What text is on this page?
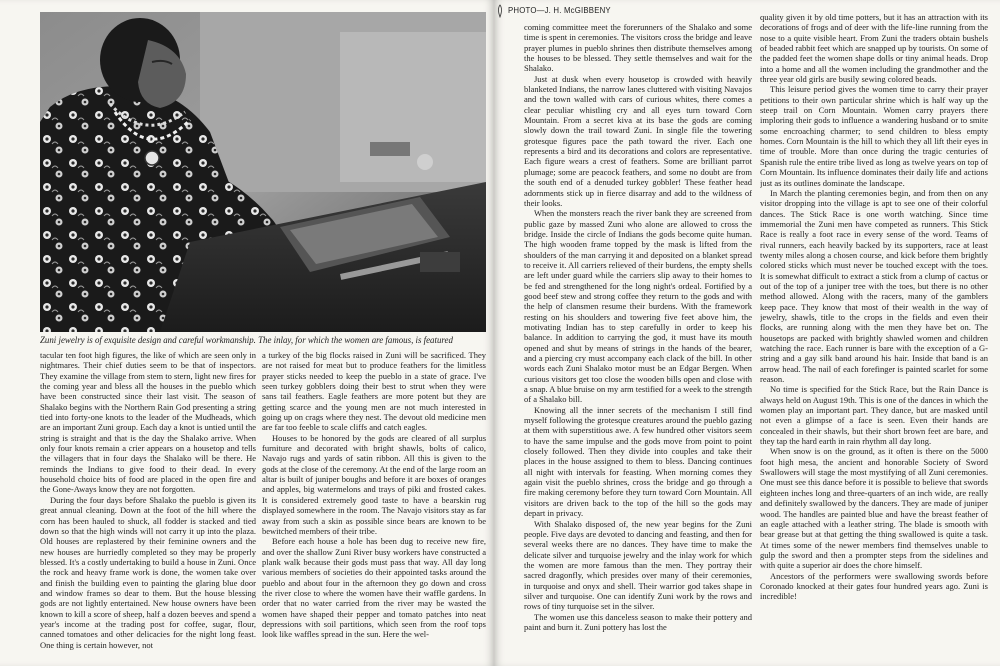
Zuni jewelry is of exquisite design and careful workmanship. The inlay, for which the women are famous, is featured

tacular ten foot high figures, the like of which are seen only in nightmares. Their chief duties seem to be that of inspectors. They examine the village from stem to stern, light new fires for the coming year and bless all the houses in the pueblo which have been constructed since their last visit. The season of Shalako begins with the Northern Rain God presenting a string tied into forty-one knots to the leader of the Mudheads, which are an important Zuni group. Each day a knot is untied until the string is straight and that is the day the Shalako arrive. When only four knots remain a crier appears on a housetop and tells the villagers that in four days the Shalako will be there. He reminds the Indians to give food to their dead. In every household choice bits of food are placed in the open fire and the Gone-Aways know they are not forgotten.

During the four days before Shalako the pueblo is given its great annual cleaning. Down at the foot of the hill where the corn has been hauled to shuck, all fodder is stacked and tied down so that the high winds will not carry it up into the plaza. Old houses are replastered by their feminine owners and the new houses are hurriedly completed so they may be properly blessed. It's a costly undertaking to build a house in Zuni. Once the rock and heavy frame work is done, the women take over and finish the building even to painting the glaring blue door and window frames so dear to them. But the house blessing gods are not lightly entertained. New house owners have been known to kill a score of sheep, half a dozen beeves and spend a year's income at the trading post for coffee, sugar, flour, canned tomatoes and other delicacies for the night long feast. One thing is certain however, not

a turkey of the big flocks raised in Zuni will be sacrificed. They are not raised for meat but to produce feathers for the limitless prayer sticks needed to keep the pueblo in a state of grace. I've seen turkey gobblers doing their best to strut when they were sans tail feathers. Eagle feathers are more potent but they are getting scarce and the young men are not much interested in going up on crags where they nest. The devout old medicine men are far too feeble to scale cliffs and catch eagles.

Houses to be honored by the gods are cleared of all surplus furniture and decorated with bright shawls, bolts of calico, Navajo rugs and yards of satin ribbon. All this is given to the gods at the close of the ceremony. At the end of the large room an altar is built of juniper boughs and before it are boxes of oranges and apples, big watermelons and trays of piki and frosted cakes. It is considered extremely good taste to have a bearskin rug displayed somewhere in the room. The Navajo visitors stay as far away from such a skin as possible since bears are known to be bewitched members of their tribe.

Before each house a hole has been dug to receive new fire, and over the shallow Zuni River busy workers have constructed a plank walk because their gods must pass that way. All day long various members of societies do their appointed tasks around the pueblo and about four in the afternoon they go down and cross the river close to where the women have their waffle gardens. In order that no water carried from the river may be wasted the women have shaped their pepper and tomato patches into neat depressions with soil partitions, which seen from the roof tops look like waffles spread in the sun. Here the wel-

PHOTO—J. H. McGIBBENY

coming committee meet the forerunners of the Shalako and some time is spent in ceremonies. The visitors cross the bridge and leave prayer plumes in pueblo shrines then distribute themselves among the houses to be blessed. They settle themselves and wait for the Shalako.

Just at dusk when every housetop is crowded with heavily blanketed Indians, the narrow lanes cluttered with visiting Navajos and the town walled with cars of curious whites, there comes a clear peculiar whistling cry and all eyes turn toward Corn Mountain. From a secret kiva at its base the gods are coming slowly down the trail toward Zuni. In single file the towering grotesque figures pace the path toward the river. Each one represents a bird and its decorations and colors are representative. Each figure wears a crest of feathers. Some are brilliant parrot plumage; some are peacock feathers, and some no doubt are from the south end of a denuded turkey gobbler! These feather head adornments stick up in fierce disarray and add to the wildness of their looks.

When the monsters reach the river bank they are screened from public gaze by massed Zuni who alone are allowed to cross the bridge. Inside the circle of Indians the gods become quite human. The high wooden frame topped by the mask is lifted from the shoulders of the man carrying it and deposited on a blanket spread to receive it. All carriers relieved of their burdens, the empty shells are left under guard while the carriers slip away to their homes to be fed and strengthened for the long night's ordeal. Fortified by a good beef stew and strong coffee they return to the gods and with the help of clansmen resume their burdens. With the framework resting on his shoulders and towering five feet above him, the motivating Indian has to step carefully in order to keep his balance. In addition to carrying the god, it must have its mouth opened and shut by means of strings in the hands of the bearer, and a piercing cry must accompany each clack of the bill. In other words each Zuni Shalako motor must be an Edgar Bergen. When curious visitors get too close the wooden bills open and close with a snap. A blue bruise on my arm testified for a week to the strength of a Shalako bill.

Knowing all the inner secrets of the mechanism I still find myself following the grotesque creatures around the pueblo gazing at them with superstitious awe. A few hundred other visitors seem to have the same impulse and the gods move from point to point closely followed. Then they divide into couples and take their places in the house assigned to them to bless. Dancing continues all night with intervals for feasting. When morning comes they again visit the pueblo shrines, cross the bridge and go through a fire making ceremony before they turn toward Corn Mountain. All visitors are driven back to the top of the hill so the gods may depart in privacy.

With Shalako disposed of, the new year begins for the Zuni people. Five days are devoted to dancing and feasting, and then for several weeks there are no dances. They have time to make the delicate silver and turquoise jewelry and the inlay work for which the women are more famous than the men. They portray their sacred dragonfly, which presides over many of their ceremonies, in turquoise and onyx and shell. Their warrior god takes shape in silver and turquoise. One can identify Zuni work by the rows and rows of tiny turquoise set in the silver.

The women use this danceless season to make their pottery and paint and burn it. Zuni pottery has lost the

quality given it by old time potters, but it has an attraction with its decorations of frogs and of deer with the life-line running from the nose to a quite visible heart. From Zuni the traders obtain bushels of beaded rabbit feet which are snapped up by tourists. On some of the padded feet the women shape dolls or tiny animal heads. Drop into a home and all the women including the grandmother and the three year old girls are busily sewing colored beads.

This leisure period gives the women time to carry their prayer petitions to their own particular shrine which is half way up the steep trail on Corn Mountain. Women carry prayers there imploring their gods to influence a wandering husband or to smite some encroaching charmer; to send children to bless empty homes. Corn Mountain is the hill to which they all lift their eyes in time of trouble. More than once during the tragic centuries of Spanish rule the entire tribe lived as long as twelve years on top of Corn Mountain. Its influence dominates their daily life and actions just as its outlines dominate the landscape.

In March the planting ceremonies begin, and from then on any visitor dropping into the village is apt to see one of their colorful dances. The Stick Race is one worth watching. Since time immemorial the Zuni men have competed as runners. This Stick Race is really a foot race in every sense of the word. Teams of rival runners, each heavily backed by its supporters, race at least twenty miles along a chosen course, and kick before them brightly colored sticks which must never be touched except with the toes. It is somewhat difficult to extract a stick from a clump of cactus or out of the top of a juniper tree with the toes, but there is no other method allowed. Along with the racers, many of the gamblers keep pace. They know that most of their wealth in the way of jewelry, shawls, title to the crops in the fields and even their flocks, are running along with the men they have bet on. The housetops are packed with brightly shawled women and children watching the race. Each runner is bare with the exception of a G-string and a gay silk band around his hair. Inside that band is an arrow head. The nail of each forefinger is painted scarlet for some reason.

No time is specified for the Stick Race, but the Rain Dance is always held on August 19th. This is one of the dances in which the women play an important part. They dance, but are masked until not even a glimpse of a face is seen. Even their hands are concealed in their shawls, but their short brown feet are bare, and they tap the hard earth in rain rhythm all day long.

When snow is on the ground, as it often is there on the 5000 foot high mesa, the ancient and honorable Society of Sword Swallowers will stage the most mystifying of all Zuni ceremonies. One must see this dance before it is possible to believe that swords eighteen inches long and three-quarters of an inch wide, are really and definitely swallowed by the dancers. They are made of juniper wood. The handles are painted blue and have the breast feather of an eagle attached with a leather string. The blade is smooth with bear grease but at that getting the thing swallowed is quite a task. At times some of the newer members find themselves unable to gulp the sword and then a prompter steps from the sidelines and with quite a superior air does the chore himself.

Ancestors of the performers were swallowing swords before Coronado knocked at their gates four hundred years ago. Zuni is incredible!
